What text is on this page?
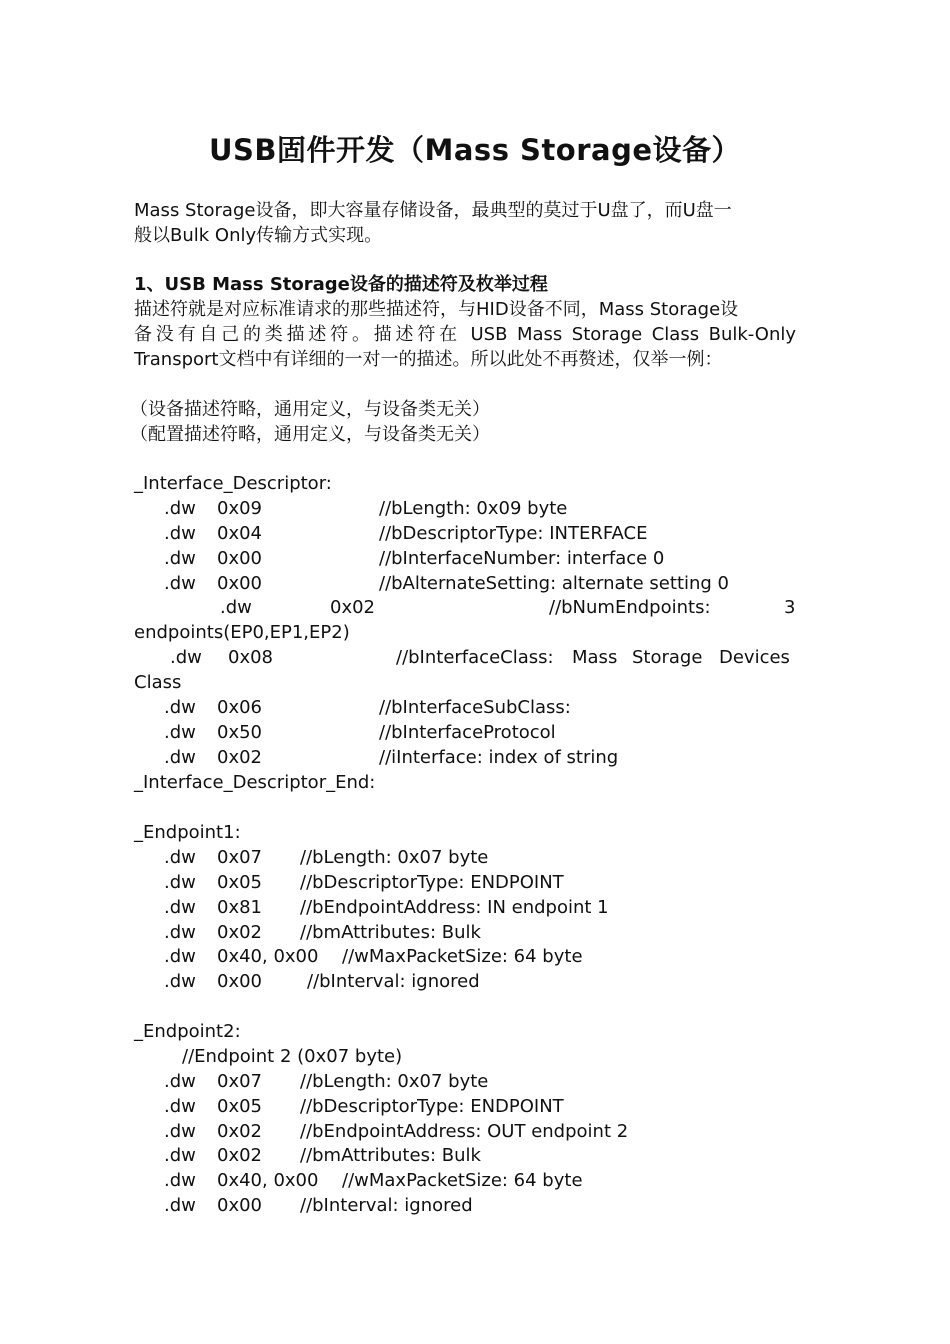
USB固件开发（Mass Storage设备）
Mass Storage设备，即大容量存储设备，最典型的莫过于U盘了，而U盘一
般以Bulk Only传输方式实现。
1、USB Mass Storage设备的描述符及枚举过程
描述符就是对应标准请求的那些描述符，与HID设备不同，Mass Storage设
备没有自己的类描述符。描述符在 USB Mass Storage Class Bulk-Only
Transport文档中有详细的一对一的描述。所以此处不再赘述，仅举一例：
（设备描述符略，通用定义，与设备类无关）
（配置描述符略，通用定义，与设备类无关）
_Interface_Descriptor:
.dw 0x09	//bLength: 0x09 byte
.dw 0x04	//bDescriptorType: INTERFACE
.dw 0x00	//bInterfaceNumber: interface 0
.dw 0x00	//bAlternateSetting: alternate setting 0
.dw	0x02	//bNumEndpoints:	3
endpoints(EP0,EP1,EP2)
.dw 0x08	//bInterfaceClass: Mass Storage Devices
Class
.dw 0x06	//bInterfaceSubClass:
.dw 0x50	//bInterfaceProtocol
.dw 0x02	//iInterface: index of string
_Interface_Descriptor_End:
_Endpoint1:
.dw 0x07 //bLength: 0x07 byte
.dw 0x05 //bDescriptorType: ENDPOINT
.dw 0x81 //bEndpointAddress: IN endpoint 1
.dw 0x02 //bmAttributes: Bulk
.dw 0x40, 0x00 //wMaxPacketSize: 64 byte
.dw 0x00 //bInterval: ignored
_Endpoint2:
//Endpoint 2 (0x07 byte)
.dw 0x07 //bLength: 0x07 byte
.dw 0x05 //bDescriptorType: ENDPOINT
.dw 0x02 //bEndpointAddress: OUT endpoint 2
.dw 0x02 //bmAttributes: Bulk
.dw 0x40, 0x00 //wMaxPacketSize: 64 byte
.dw 0x00 //bInterval: ignored
